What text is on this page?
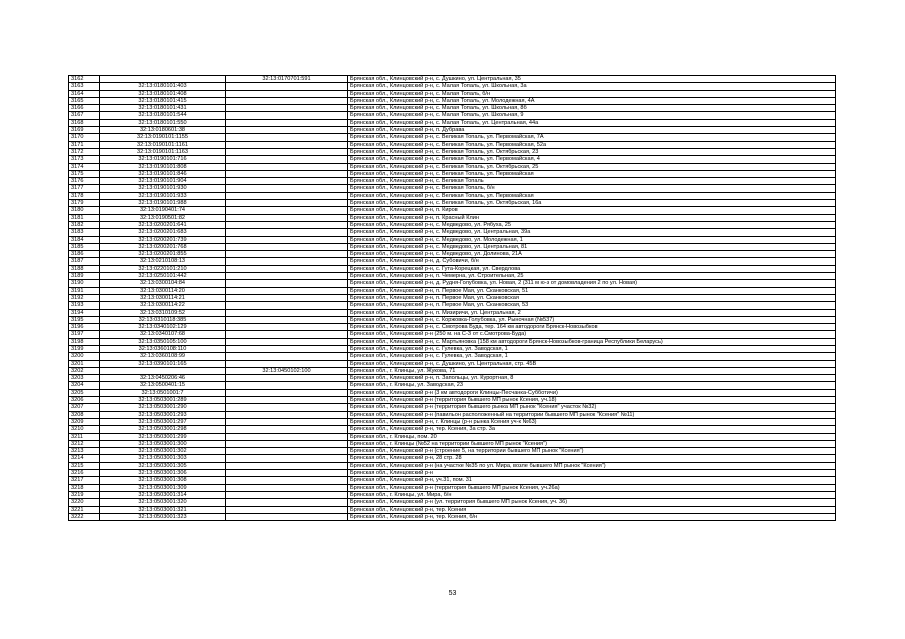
3162		32:13:0170701:591	Брянская обл., Клинцовский р-н, с. Душкино, ул. Центральная, 35
3163	32:13:0180101:403		Брянская обл., Клинцовский р-н, с. Малая Топаль, ул. Школьная, 3а
3164	32:13:0180101:408		Брянская обл., Клинцовский р-н, с. Малая Топаль, б/н
3165	32:13:0180101:415		Брянская обл., Клинцовский р-н, с. Малая Топаль, ул. Молодежная, 4А
3166	32:13:0180101:431		Брянская обл., Клинцовский р-н, с. Малая Топаль, ул. Школьная, 8б
3167	32:13:0180101:544		Брянская обл., Клинцовский р-н, с. Малая Топаль, ул. Школьная, 9
3168	32:13:0180101:550		Брянская обл., Клинцовский р-н, с. Малая Топаль, ул. Центральная, 44а
3169	32:13:0180601:38		Брянская обл., Клинцовский р-н, п. Дубрава
3170	32:13:0190101:1155		Брянская обл., Клинцовский р-н, с. Великая Топаль, ул. Первомайская, 7А
3171	32:13:0190101:1161		Брянская обл., Клинцовский р-н, с. Великая Топаль, ул. Первомайская, 52а
3172	32:13:0190101:1163		Брянская обл., Клинцовский р-н, с. Великая Топаль, ул. Октябрьская, 23
3173	32:13:0190101:716		Брянская обл., Клинцовский р-н, с. Великая Топаль, ул. Первомайская, 4
3174	32:13:0190101:808		Брянская обл., Клинцовский р-н, с. Великая Топаль, ул. Октябрьская, 25
3175	32:13:0190101:846		Брянская обл., Клинцовский р-н, с. Великая Топаль, ул. Первомайская
3176	32:13:0190101:904		Брянская обл., Клинцовский р-н, с. Великая Топаль
3177	32:13:0190101:930		Брянская обл., Клинцовский р-н, с. Великая Топаль, б/н
3178	32:13:0190101:933		Брянская обл., Клинцовский р-н, с. Великая Топаль, ул. Первомайская
3179	32:13:0190101:988		Брянская обл., Клинцовский р-н, с. Великая Топаль, ул. Октябрьская, 16а
3180	32:13:0190401:74		Брянская обл., Клинцовский р-н, п. Киров
3181	32:13:0190501:82		Брянская обл., Клинцовский р-н, п. Красный Клин
3182	32:13:0200201:641		Брянская обл., Клинцовский р-н, с. Медведово, ул. Рябуха, 25
3183	32:13:0200201:683		Брянская обл., Клинцовский р-н, с. Медведово, ул. Центральная, 39а
3184	32:13:0200201:739		Брянская обл., Клинцовский р-н, с. Медведово, ул. Молодежная, 1
3185	32:13:0200201:768		Брянская обл., Клинцовский р-н, с. Медведово, ул. Центральная, 81
3186	32:13:0200201:855		Брянская обл., Клинцовский р-н, с. Медведово, ул. Долинова, 21А
3187	32:13:0210108:13		Брянская обл., Клинцовский р-н, д. Субовичи, б/н
3188	32:13:0220101:210		Брянская обл., Клинцовский р-н, с. Гута-Корецкая, ул. Свердлова
3189	32:13:0250101:442		Брянская обл., Клинцовский р-н, п. Чемерна, ул. Строительная, 25
3190	32:13:0300104:84		Брянская обл., Клинцовский р-н, д. Рудня-Голубовка, ул. Новая, 2 (311 м ю-з от домовладения 2 по ул. Новая)
3191	32:13:0300114:20		Брянская обл., Клинцовский р-н, п. Первое Мая, ул. Сканковская, 51
3192	32:13:0300114:21		Брянская обл., Клинцовский р-н, п. Первое Мая, ул. Сканковская
3193	32:13:0300114:22		Брянская обл., Клинцовский р-н, п. Первое Мая, ул. Сканковская, 53
3194	32:13:0310109:52		Брянская обл., Клинцовский р-н, п. Мизиричи, ул. Центральная, 2
3195	32:13:0310118:385		Брянская обл., Клинцовский р-н, с. Коржовка-Голубовка, ул. Рыночная (№537)
3196	32:13:0340102:129		Брянская обл., Клинцовский р-н, с. Смотрова Буда, тер. 164 км автодороги Брянск-Новозыбков
3197	32:13:0340107:68		Брянская обл., Клинцовский р-н (250 м. на С-З от с.Смотрова-Буда)
3198	32:13:0350105:100		Брянская обл., Клинцовский р-н, с. Мартьяновка (158 км автодороги Брянск-Новозыбков-граница Республики Беларусь)
3199	32:13:0360108:110		Брянская обл., Клинцовский р-н, с. Гулевка, ул. Заводская, 1
3200	32:13:0360108:99		Брянская обл., Клинцовский р-н, с. Гулевка, ул. Заводская, 1
3201	32:13:0390101:165		Брянская обл., Клинцовский р-н, с. Душкино, ул. Центральная, стр. 45В
3202		32:13:0450102:100	Брянская обл., г. Клинцы, ул. Жукова, 71
3203	32:13:0450206:46		Брянская обл., Клинцовский р-н, п. Запольцы, ул. Курортная, 8
3204	32:13:0500401:15		Брянская обл., г. Клинцы, ул. Заводская, 23
3205	32:13:0501001:7		Брянская обл., Клинцовский р-н (3 км автодороги Клинцы-Песчанка-Субботичи)
3206	32:13:0503001:289		Брянская обл., Клинцовский р-н (территория бывшего МП рынок Ксения, уч.18)
3207	32:13:0503001:290		Брянская обл., Клинцовский р-н (территория бывшего рынка МП рынок "Ксения" участок №32)
3208	32:13:0503001:293		Брянская обл., Клинцовский р-н (павильон расположенный на территории бывшего МП рынок "Ксения" №11)
3209	32:13:0503001:297		Брянская обл., Клинцовский р-н, г. Клинцы (р-н рынка Ксения уч-к №63)
3210	32:13:0503001:298		Брянская обл., Клинцовский р-н, тер. Ксения, 3а стр. 3а
3211	32:13:0503001:299		Брянская обл., г. Клинцы, пом. 20
3212	32:13:0503001:300		Брянская обл., г. Клинцы (№52 на территории бывшего МП рынок "Ксения")
3213	32:13:0503001:302		Брянская обл., Клинцовский р-н (строение 5, на территории бывшего МП рынок "Ксения")
3214	32:13:0503001:303		Брянская обл., Клинцовский р-н, 28 стр. 28
3215	32:13:0503001:305		Брянская обл., Клинцовский р-н (на участке №35 по ул. Мира, возле бывшего МП рынок "Ксения")
3216	32:13:0503001:306		Брянская обл., Клинцовский р-н
3217	32:13:0503001:308		Брянская обл., Клинцовский р-н, уч.31, пом. 31
3218	32:13:0503001:309		Брянская обл., Клинцовский р-н (территория бывшего МП рынок Ксения, уч.26а)
3219	32:13:0503001:314		Брянская обл., г. Клинцы, ул. Мира, б/н
3220	32:13:0503001:320		Брянская обл., Клинцовский р-н (ул. территория бывшего МП рынок Ксения, уч. 36)
3221	32:13:0503001:321		Брянская обл., Клинцовский р-н, тер. Ксения
3222	32:13:0503001:323		Брянская обл., Клинцовский р-н, тер. Ксения, б/н
53
